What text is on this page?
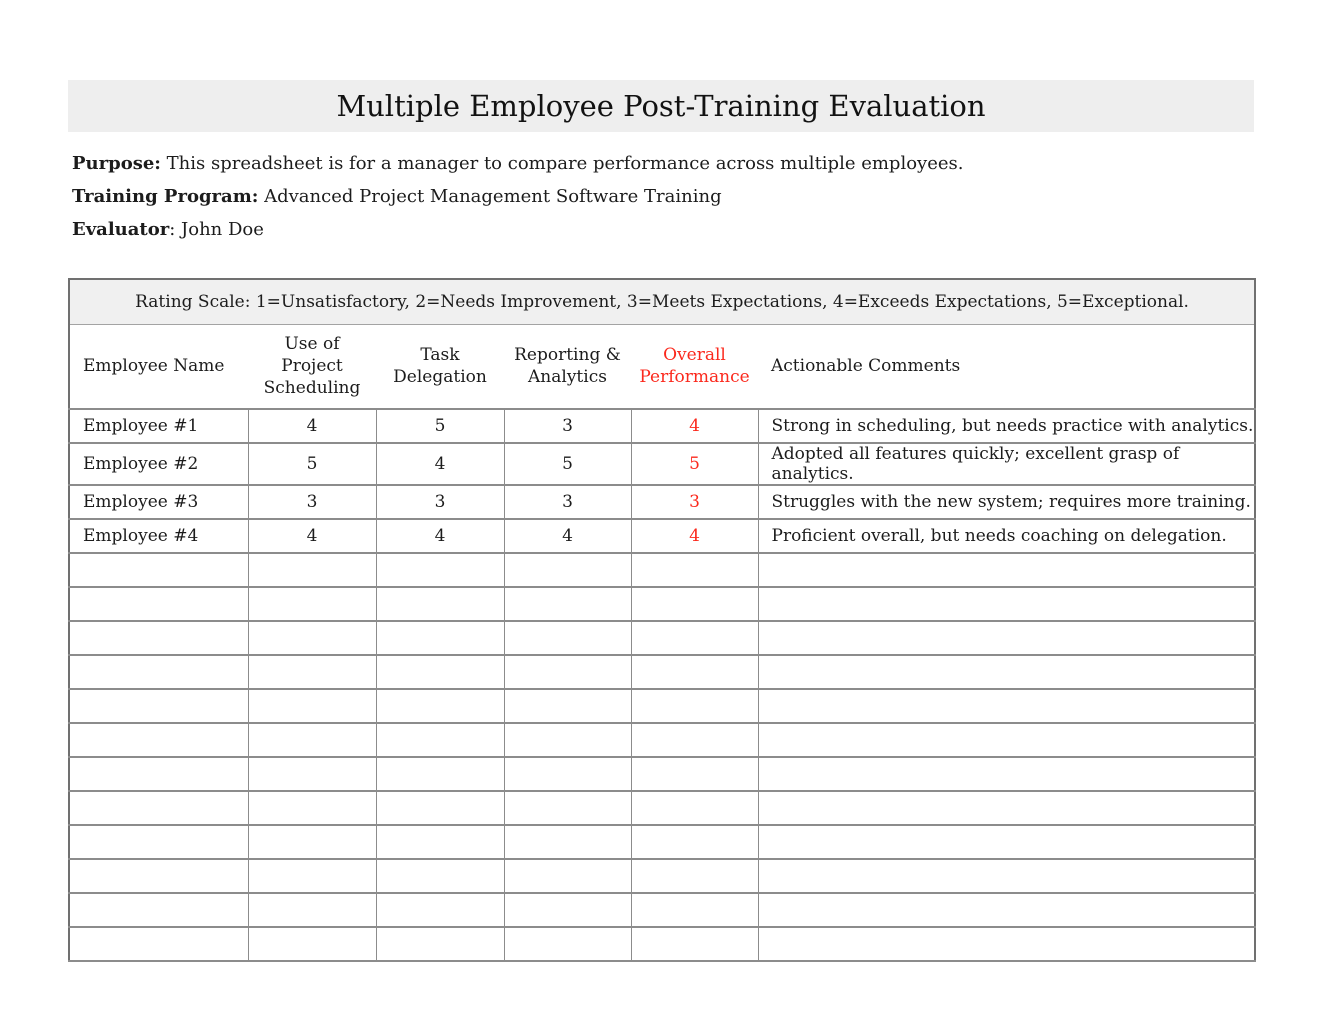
Multiple Employee Post-Training Evaluation
Purpose: This spreadsheet is for a manager to compare performance across multiple employees.
Training Program: Advanced Project Management Software Training
Evaluator: John Doe
Rating Scale: 1=Unsatisfactory, 2=Needs Improvement, 3=Meets Expectations, 4=Exceeds Expectations, 5=Exceptional.					
Employee Name	Use of Project Scheduling	Task Delegation	Reporting & Analytics	Overall Performance	Actionable Comments
Employee #1	4	5	3	4	Strong in scheduling, but needs practice with analytics.
Employee #2	5	4	5	5	Adopted all features quickly; excellent grasp of analytics.
Employee #3	3	3	3	3	Struggles with the new system; requires more training.
Employee #4	4	4	4	4	Proficient overall, but needs coaching on delegation.
